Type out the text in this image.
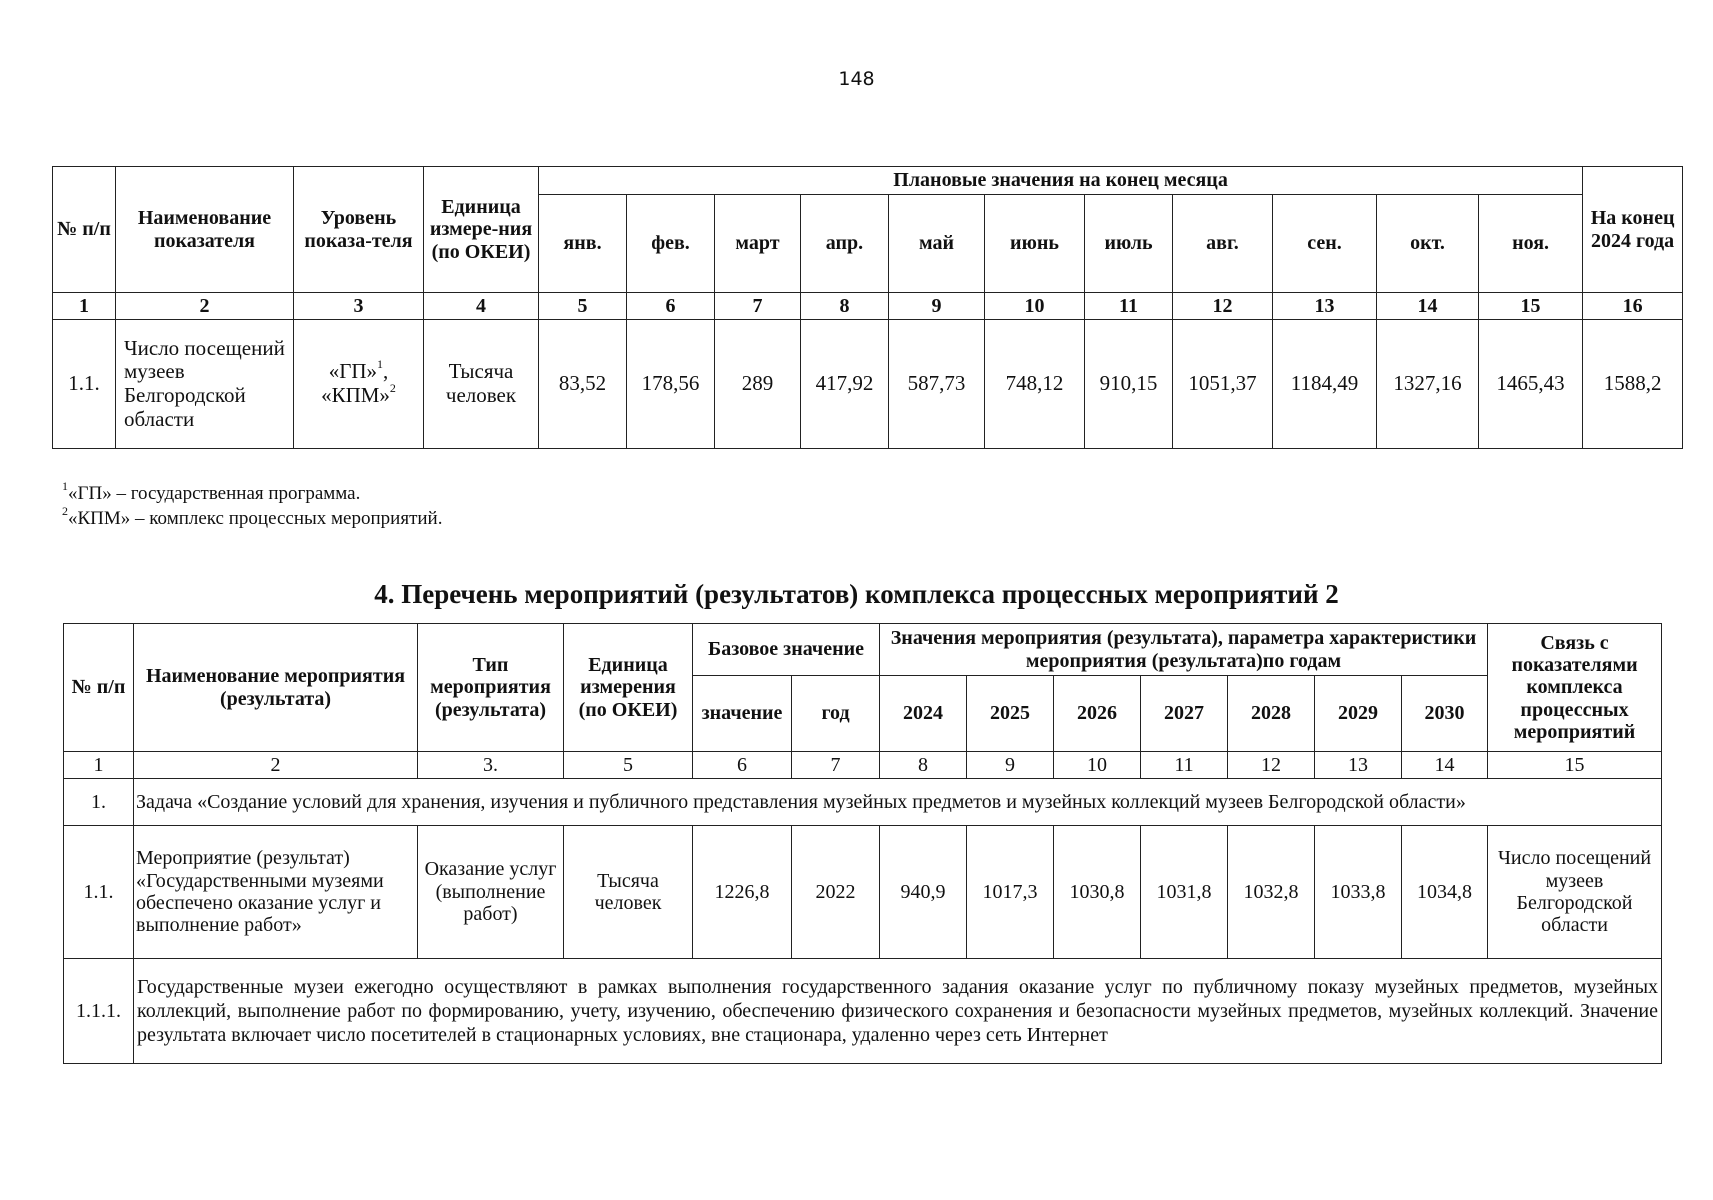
148
№ п/п	Наименование показателя	Уровень показа-теля	Единица измере-ния (по ОКЕИ)	Плановые значения на конец месяца											На конец 2024 года
				янв.	фев.	март	апр.	май	июнь	июль	авг.	сен.	окт.	ноя.	
1	2	3	4	5	6	7	8	9	10	11	12	13	14	15	16
1.1.	Число посещений музеев Белгородской области	«ГП»$^1$,
«КПМ»$^2$	Тысяча человек	83,52	178,56	289	417,92	587,73	748,12	910,15	1051,37	1184,49	1327,16	1465,43	1588,2
$^1$«ГП» – государственная программа.
$^2$«КПМ» – комплекс процессных мероприятий.
4. Перечень мероприятий (результатов) комплекса процессных мероприятий 2
№ п/п	Наименование мероприятия (результата)	Тип мероприятия (результата)	Единица измерения (по ОКЕИ)	Базовое значение		Значения мероприятия (результата), параметра характеристики мероприятия (результата)по годам							Связь с показателями комплекса процессных мероприятий
				значение	год	2024	2025	2026	2027	2028	2029	2030	
1	2	3.	5	6	7	8	9	10	11	12	13	14	15
1.	Задача «Создание условий для хранения, изучения и публичного представления музейных предметов и музейных коллекций музеев Белгородской области»												
1.1.	Мероприятие (результат) «Государственными музеями обеспечено оказание услуг и выполнение работ»	Оказание услуг (выполнение работ)	Тысяча человек	1226,8	2022	940,9	1017,3	1030,8	1031,8	1032,8	1033,8	1034,8	Число посещений музеев Белгородской области
1.1.1.	Государственные музеи ежегодно осуществляют в рамках выполнения государственного задания оказание услуг по публичному показу музейных предметов, музейных коллекций, выполнение работ по формированию, учету, изучению, обеспечению физического сохранения и безопасности музейных предметов, музейных коллекций. Значение результата включает число посетителей в стационарных условиях, вне стационара, удаленно через сеть Интернет												
